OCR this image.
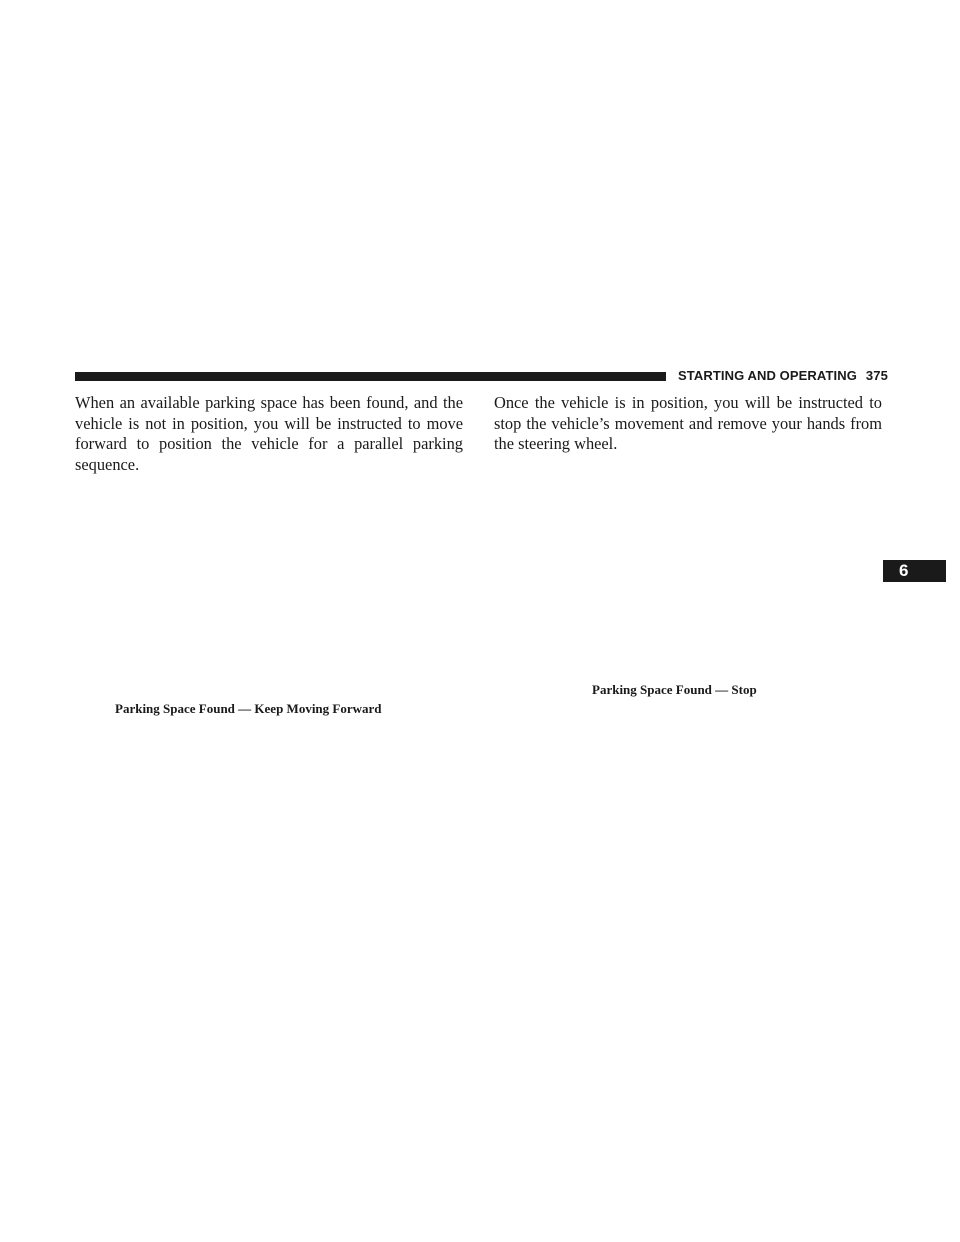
STARTING AND OPERATING 375

When an available parking space has been found, and the vehicle is not in position, you will be instructed to move forward to position the vehicle for a parallel parking sequence.

Once the vehicle is in position, you will be instructed to stop the vehicle’s movement and remove your hands from the steering wheel.

Parking Space Found — Keep Moving Forward
Parking Space Found — Stop
6
